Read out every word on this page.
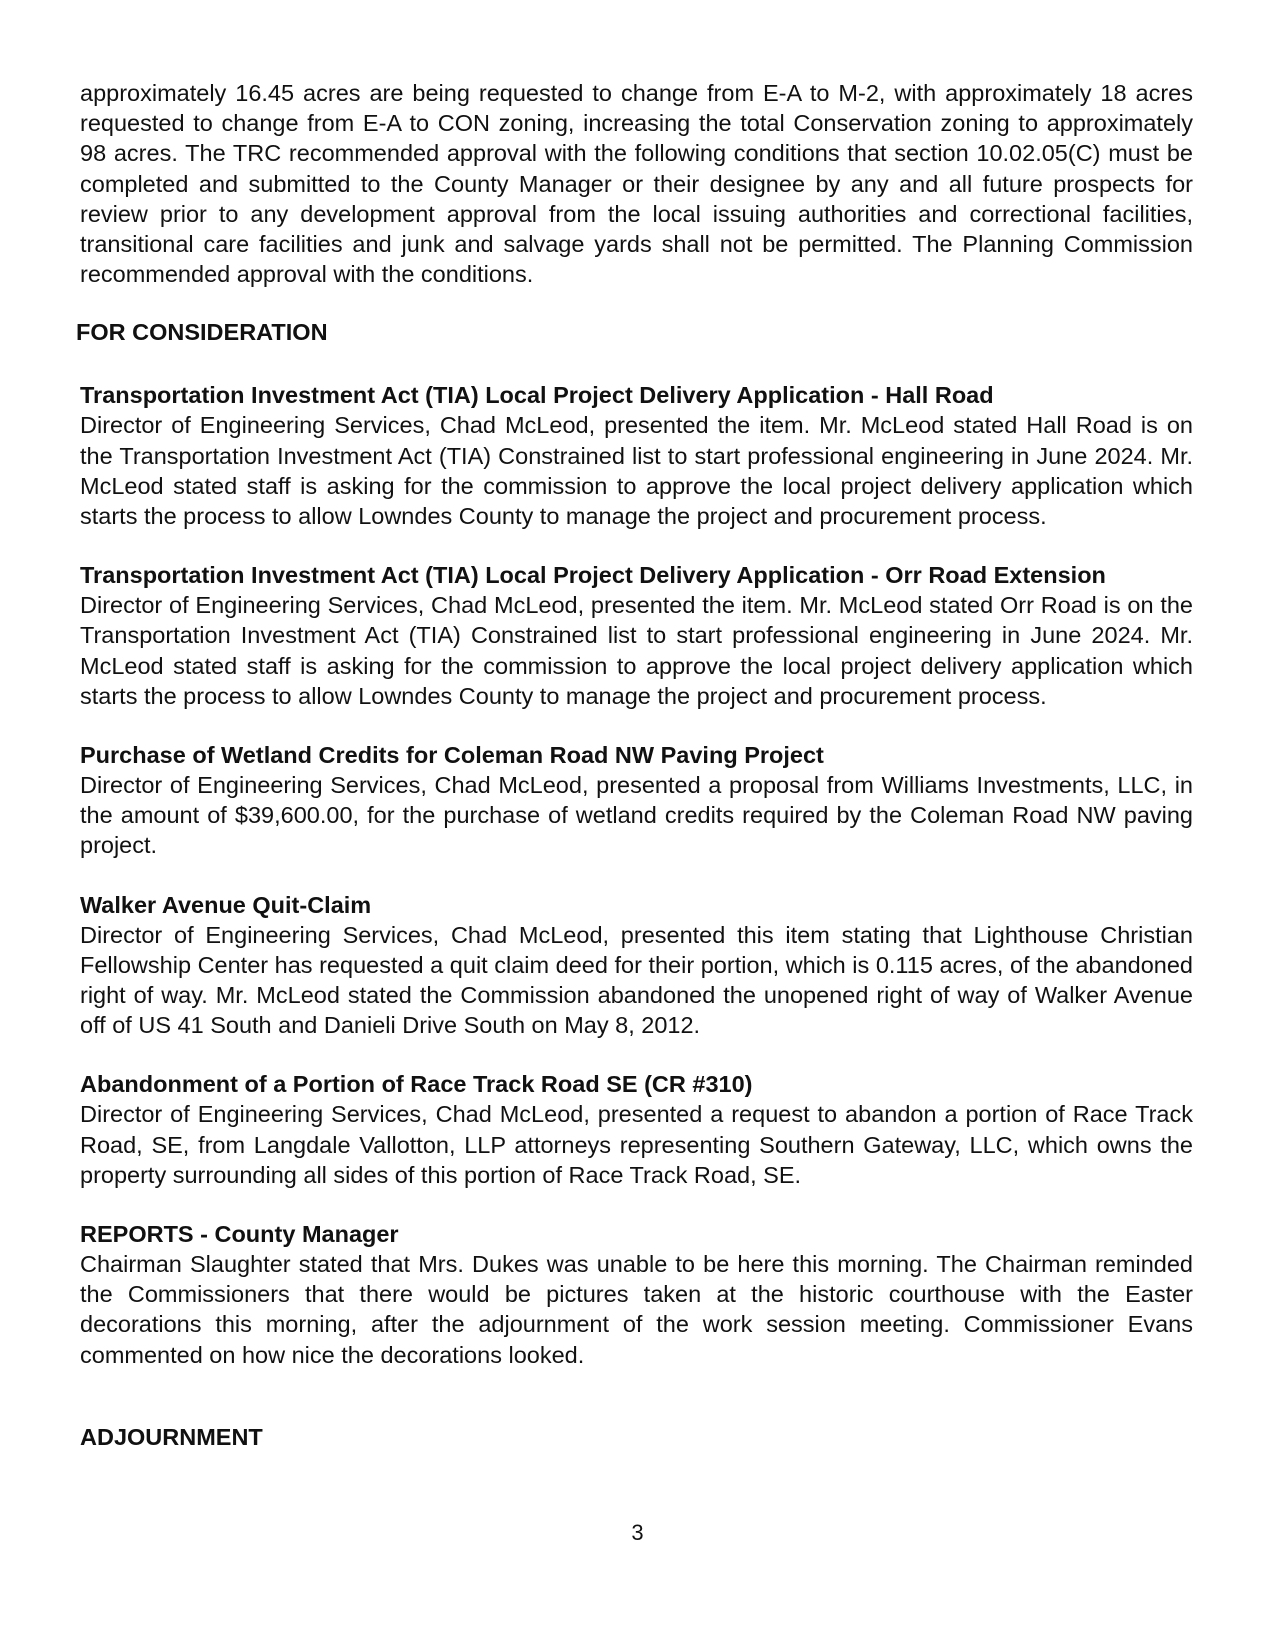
approximately 16.45 acres are being requested to change from E-A to M-2, with approximately 18 acres requested to change from E-A to CON zoning, increasing the total Conservation zoning to approximately 98 acres. The TRC recommended approval with the following conditions that section 10.02.05(C) must be completed and submitted to the County Manager or their designee by any and all future prospects for review prior to any development approval from the local issuing authorities and correctional facilities, transitional care facilities and junk and salvage yards shall not be permitted. The Planning Commission recommended approval with the conditions.

FOR CONSIDERATION

Transportation Investment Act (TIA) Local Project Delivery Application - Hall Road

Director of Engineering Services, Chad McLeod, presented the item. Mr. McLeod stated Hall Road is on the Transportation Investment Act (TIA) Constrained list to start professional engineering in June 2024. Mr. McLeod stated staff is asking for the commission to approve the local project delivery application which starts the process to allow Lowndes County to manage the project and procurement process.

Transportation Investment Act (TIA) Local Project Delivery Application - Orr Road Extension

Director of Engineering Services, Chad McLeod, presented the item. Mr. McLeod stated Orr Road is on the Transportation Investment Act (TIA) Constrained list to start professional engineering in June 2024. Mr. McLeod stated staff is asking for the commission to approve the local project delivery application which starts the process to allow Lowndes County to manage the project and procurement process.

Purchase of Wetland Credits for Coleman Road NW Paving Project

Director of Engineering Services, Chad McLeod, presented a proposal from Williams Investments, LLC, in the amount of $39,600.00, for the purchase of wetland credits required by the Coleman Road NW paving project.

Walker Avenue Quit-Claim

Director of Engineering Services, Chad McLeod, presented this item stating that Lighthouse Christian Fellowship Center has requested a quit claim deed for their portion, which is 0.115 acres, of the abandoned right of way. Mr. McLeod stated the Commission abandoned the unopened right of way of Walker Avenue off of US 41 South and Danieli Drive South on May 8, 2012.

Abandonment of a Portion of Race Track Road SE (CR #310)

Director of Engineering Services, Chad McLeod, presented a request to abandon a portion of Race Track Road, SE, from Langdale Vallotton, LLP attorneys representing Southern Gateway, LLC, which owns the property surrounding all sides of this portion of Race Track Road, SE.

REPORTS - County Manager

Chairman Slaughter stated that Mrs. Dukes was unable to be here this morning. The Chairman reminded the Commissioners that there would be pictures taken at the historic courthouse with the Easter decorations this morning, after the adjournment of the work session meeting. Commissioner Evans commented on how nice the decorations looked.

ADJOURNMENT

3
